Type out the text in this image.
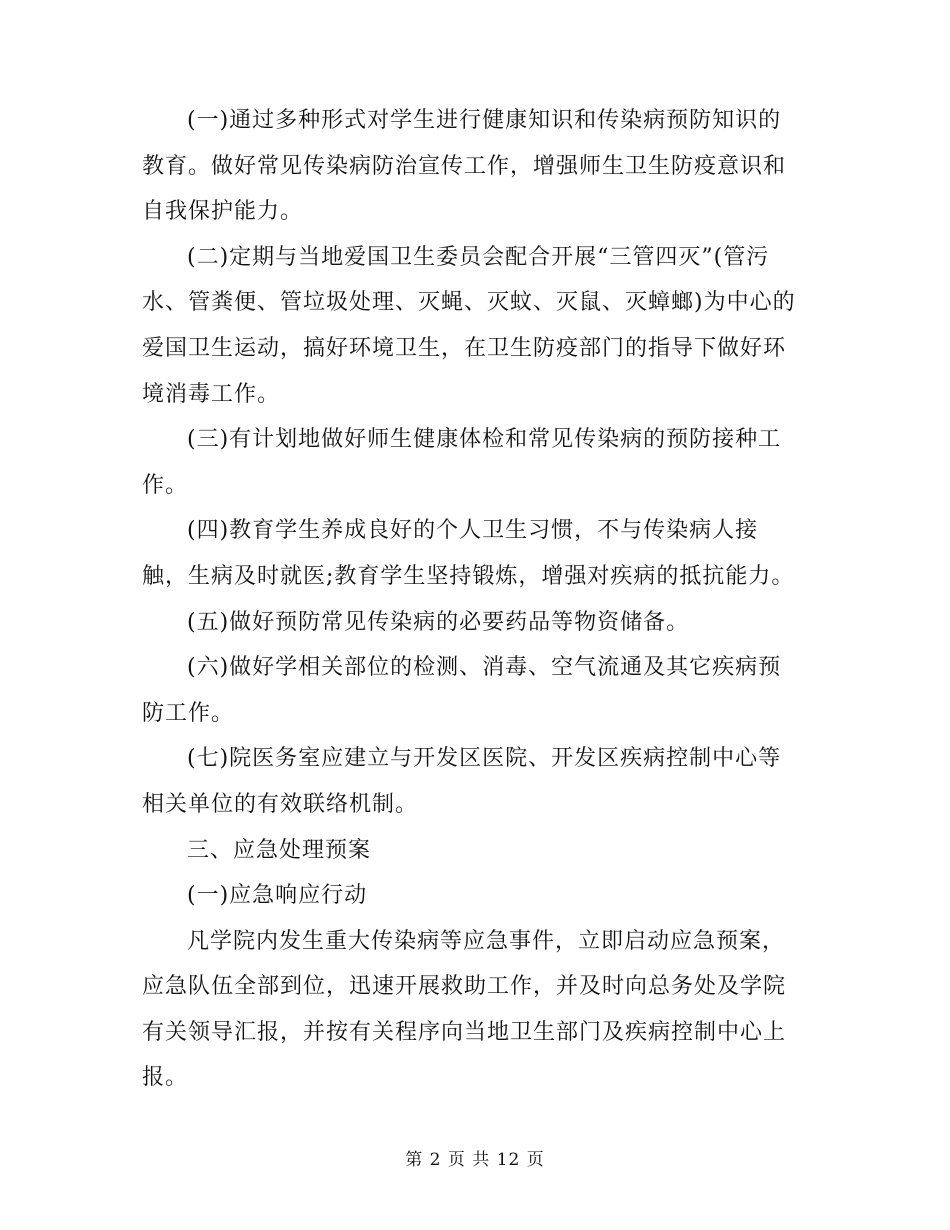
(一)通过多种形式对学生进行健康知识和传染病预防知识的
教育。做好常见传染病防治宣传工作，增强师生卫生防疫意识和
自我保护能力。
(二)定期与当地爱国卫生委员会配合开展“三管四灭”(管污
水、管粪便、管垃圾处理、灭蝇、灭蚊、灭鼠、灭蟑螂)为中心的
爱国卫生运动，搞好环境卫生，在卫生防疫部门的指导下做好环
境消毒工作。
(三)有计划地做好师生健康体检和常见传染病的预防接种工
作。
(四)教育学生养成良好的个人卫生习惯，不与传染病人接
触，生病及时就医;教育学生坚持锻炼，增强对疾病的抵抗能力。
(五)做好预防常见传染病的必要药品等物资储备。
(六)做好学相关部位的检测、消毒、空气流通及其它疾病预
防工作。
(七)院医务室应建立与开发区医院、开发区疾病控制中心等
相关单位的有效联络机制。
三、应急处理预案
(一)应急响应行动
凡学院内发生重大传染病等应急事件，立即启动应急预案，
应急队伍全部到位，迅速开展救助工作，并及时向总务处及学院
有关领导汇报，并按有关程序向当地卫生部门及疾病控制中心上
报。
第 2 页 共 12 页
